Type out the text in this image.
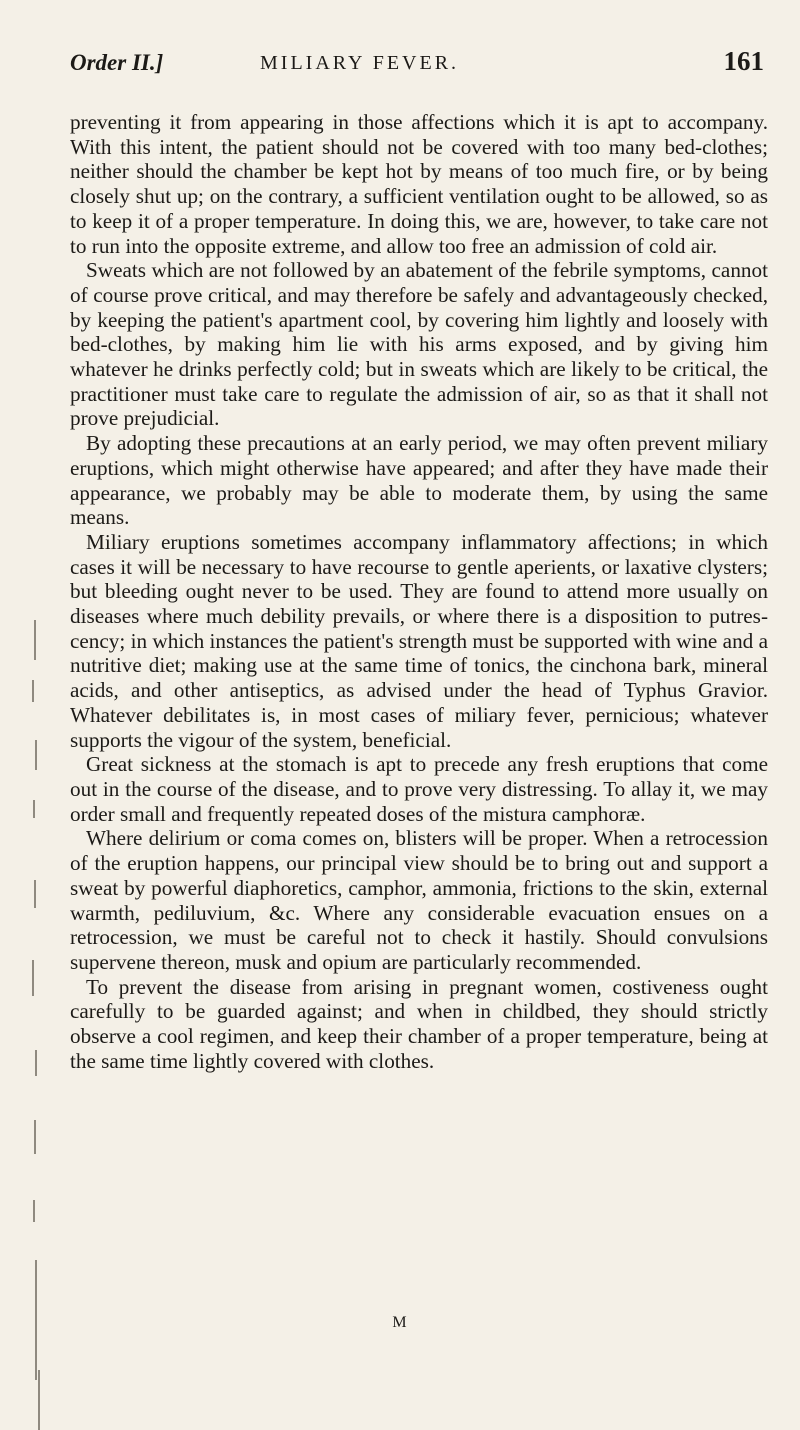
Order II.]	MILIARY FEVER.	161

preventing it from appearing in those affections which it is apt to accompany. With this intent, the patient should not be covered with too many bed-clothes; neither should the chamber be kept hot by means of too much fire, or by being closely shut up; on the contrary, a sufficient ventilation ought to be allowed, so as to keep it of a proper temperature. In doing this, we are, however, to take care not to run into the opposite extreme, and allow too free an admission of cold air.

Sweats which are not followed by an abatement of the febrile symptoms, cannot of course prove critical, and may therefore be safely and advantageously checked, by keeping the patient's apartment cool, by covering him lightly and loosely with bed-clothes, by making him lie with his arms exposed, and by giving him whatever he drinks perfectly cold; but in sweats which are likely to be critical, the practitioner must take care to regulate the admission of air, so as that it shall not prove prejudicial.

By adopting these precautions at an early period, we may often prevent miliary eruptions, which might otherwise have appeared; and after they have made their appearance, we probably may be able to moderate them, by using the same means.

Miliary eruptions sometimes accompany inflammatory affections; in which cases it will be necessary to have recourse to gentle aperients, or laxative clysters; but bleeding ought never to be used. They are found to attend more usually on diseases where much debility prevails, or where there is a disposition to putrescency; in which instances the patient's strength must be supported with wine and a nutritive diet; making use at the same time of tonics, the cinchona bark, mineral acids, and other antiseptics, as advised under the head of Typhus Gravior. Whatever debilitates is, in most cases of miliary fever, pernicious; whatever supports the vigour of the system, beneficial.

Great sickness at the stomach is apt to precede any fresh eruptions that come out in the course of the disease, and to prove very distressing. To allay it, we may order small and frequently repeated doses of the mistura camphoræ.

Where delirium or coma comes on, blisters will be proper. When a retrocession of the eruption happens, our principal view should be to bring out and support a sweat by powerful diaphoretics, camphor, ammonia, frictions to the skin, external warmth, pediluvium, &c. Where any considerable evacuation ensues on a retrocession, we must be careful not to check it hastily. Should convulsions supervene thereon, musk and opium are particularly recommended.

To prevent the disease from arising in pregnant women, costiveness ought carefully to be guarded against; and when in childbed, they should strictly observe a cool regimen, and keep their chamber of a proper temperature, being at the same time lightly covered with clothes.

M
